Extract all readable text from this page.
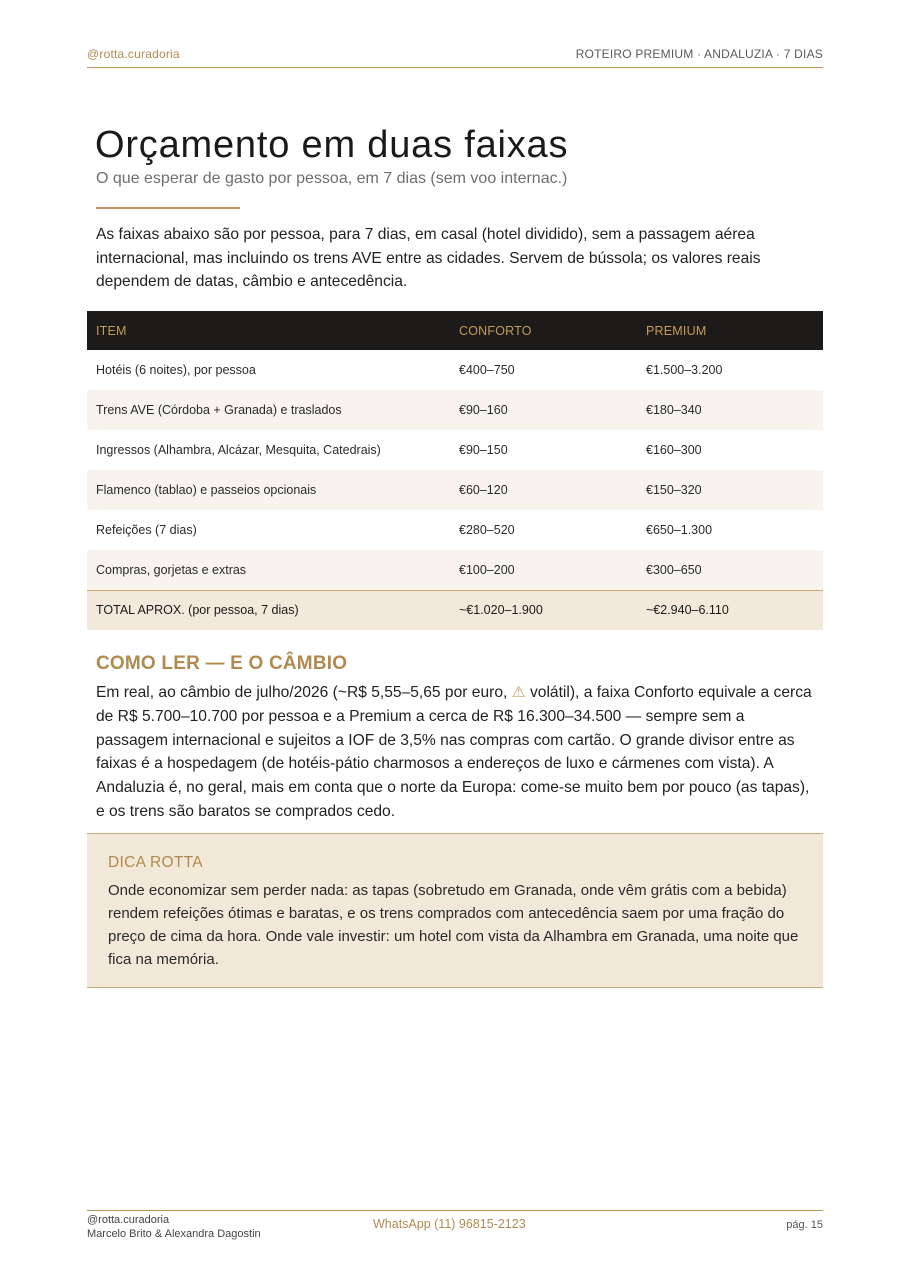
@rotta.curadoria	ROTEIRO PREMIUM · ANDALUZIA · 7 DIAS
Orçamento em duas faixas
O que esperar de gasto por pessoa, em 7 dias (sem voo internac.)

As faixas abaixo são por pessoa, para 7 dias, em casal (hotel dividido), sem a passagem aérea internacional, mas incluindo os trens AVE entre as cidades. Servem de bússola; os valores reais dependem de datas, câmbio e antecedência.

ITEM	CONFORTO	PREMIUM
Hotéis (6 noites), por pessoa	€400–750	€1.500–3.200
Trens AVE (Córdoba + Granada) e traslados	€90–160	€180–340
Ingressos (Alhambra, Alcázar, Mesquita, Catedrais)	€90–150	€160–300
Flamenco (tablao) e passeios opcionais	€60–120	€150–320
Refeições (7 dias)	€280–520	€650–1.300
Compras, gorjetas e extras	€100–200	€300–650
TOTAL APROX. (por pessoa, 7 dias)	~€1.020–1.900	~€2.940–6.110
COMO LER — E O CÂMBIO

Em real, ao câmbio de julho/2026 (~R$ 5,55–5,65 por euro, ⚠ volátil), a faixa Conforto equivale a cerca de R$ 5.700–10.700 por pessoa e a Premium a cerca de R$ 16.300–34.500 — sempre sem a passagem internacional e sujeitos a IOF de 3,5% nas compras com cartão. O grande divisor entre as faixas é a hospedagem (de hotéis-pátio charmosos a endereços de luxo e cármenes com vista). A Andaluzia é, no geral, mais em conta que o norte da Europa: come-se muito bem por pouco (as tapas), e os trens são baratos se comprados cedo.

DICA ROTTA

Onde economizar sem perder nada: as tapas (sobretudo em Granada, onde vêm grátis com a bebida) rendem refeições ótimas e baratas, e os trens comprados com antecedência saem por uma fração do preço de cima da hora. Onde vale investir: um hotel com vista da Alhambra em Granada, uma noite que fica na memória.

@rotta.curadoria
Marcelo Brito & Alexandra Dagostin
WhatsApp (11) 96815-2123	pág. 15
